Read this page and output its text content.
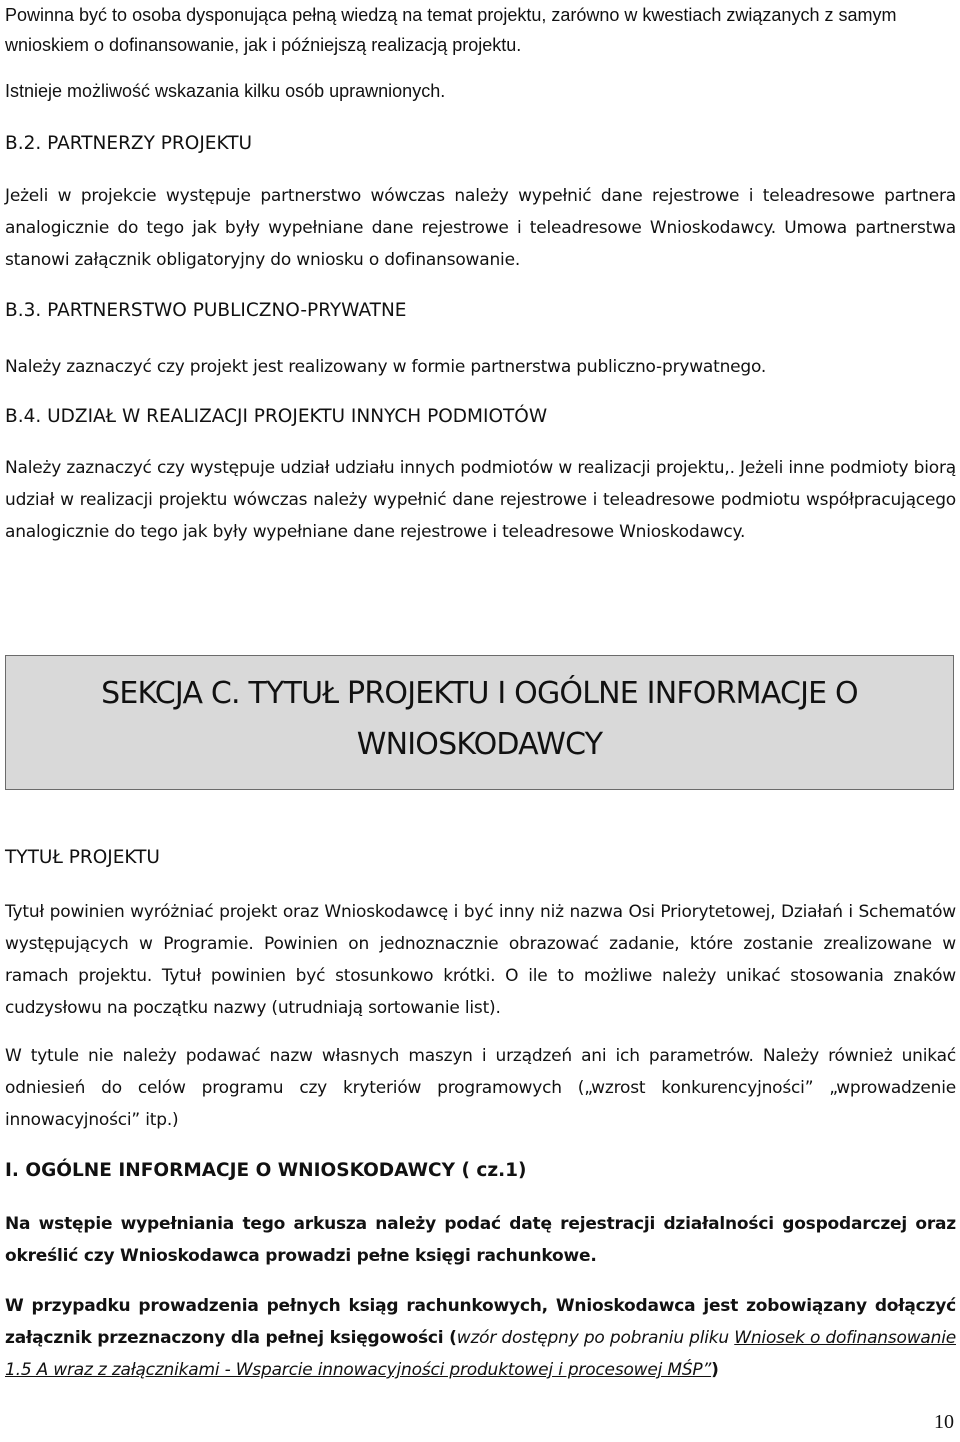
Powinna być to osoba dysponująca pełną wiedzą na temat projektu, zarówno w kwestiach związanych z samym wnioskiem o dofinansowanie, jak i późniejszą realizacją projektu.

Istnieje możliwość wskazania kilku osób uprawnionych.

B.2. PARTNERZY PROJEKTU

Jeżeli w projekcie występuje partnerstwo wówczas należy wypełnić dane rejestrowe i teleadresowe partnera analogicznie do tego jak były wypełniane dane rejestrowe i teleadresowe Wnioskodawcy. Umowa partnerstwa stanowi załącznik obligatoryjny do wniosku o dofinansowanie.

B.3. PARTNERSTWO PUBLICZNO-PRYWATNE

Należy zaznaczyć czy projekt jest realizowany w formie partnerstwa publiczno-prywatnego.

B.4. UDZIAŁ W REALIZACJI PROJEKTU INNYCH PODMIOTÓW

Należy zaznaczyć czy występuje udział udziału innych podmiotów w realizacji projektu,. Jeżeli inne podmioty biorą udział w realizacji projektu wówczas należy wypełnić dane rejestrowe i teleadresowe podmiotu współpracującego analogicznie do tego jak były wypełniane dane rejestrowe i teleadresowe Wnioskodawcy.

SEKCJA C. TYTUŁ PROJEKTU I OGÓLNE INFORMACJE O
WNIOSKODAWCY

TYTUŁ PROJEKTU

Tytuł powinien wyróżniać projekt oraz Wnioskodawcę i być inny niż nazwa Osi Priorytetowej, Działań i Schematów występujących w Programie. Powinien on jednoznacznie obrazować zadanie, które zostanie zrealizowane w ramach projektu. Tytuł powinien być stosunkowo krótki. O ile to możliwe należy unikać stosowania znaków cudzysłowu na początku nazwy (utrudniają sortowanie list).

W tytule nie należy podawać nazw własnych maszyn i urządzeń ani ich parametrów. Należy również unikać odniesień do celów programu czy kryteriów programowych („wzrost konkurencyjności” „wprowadzenie innowacyjności” itp.)

I. OGÓLNE INFORMACJE O WNIOSKODAWCY ( cz.1)

Na wstępie wypełniania tego arkusza należy podać datę rejestracji działalności gospodarczej oraz określić czy Wnioskodawca prowadzi pełne księgi rachunkowe.

W przypadku prowadzenia pełnych ksiąg rachunkowych, Wnioskodawca jest zobowiązany dołączyć załącznik przeznaczony dla pełnej księgowości (wzór dostępny po pobraniu pliku Wniosek o dofinansowanie 1.5 A wraz z załącznikami - Wsparcie innowacyjności produktowej i procesowej MŚP”)

10
